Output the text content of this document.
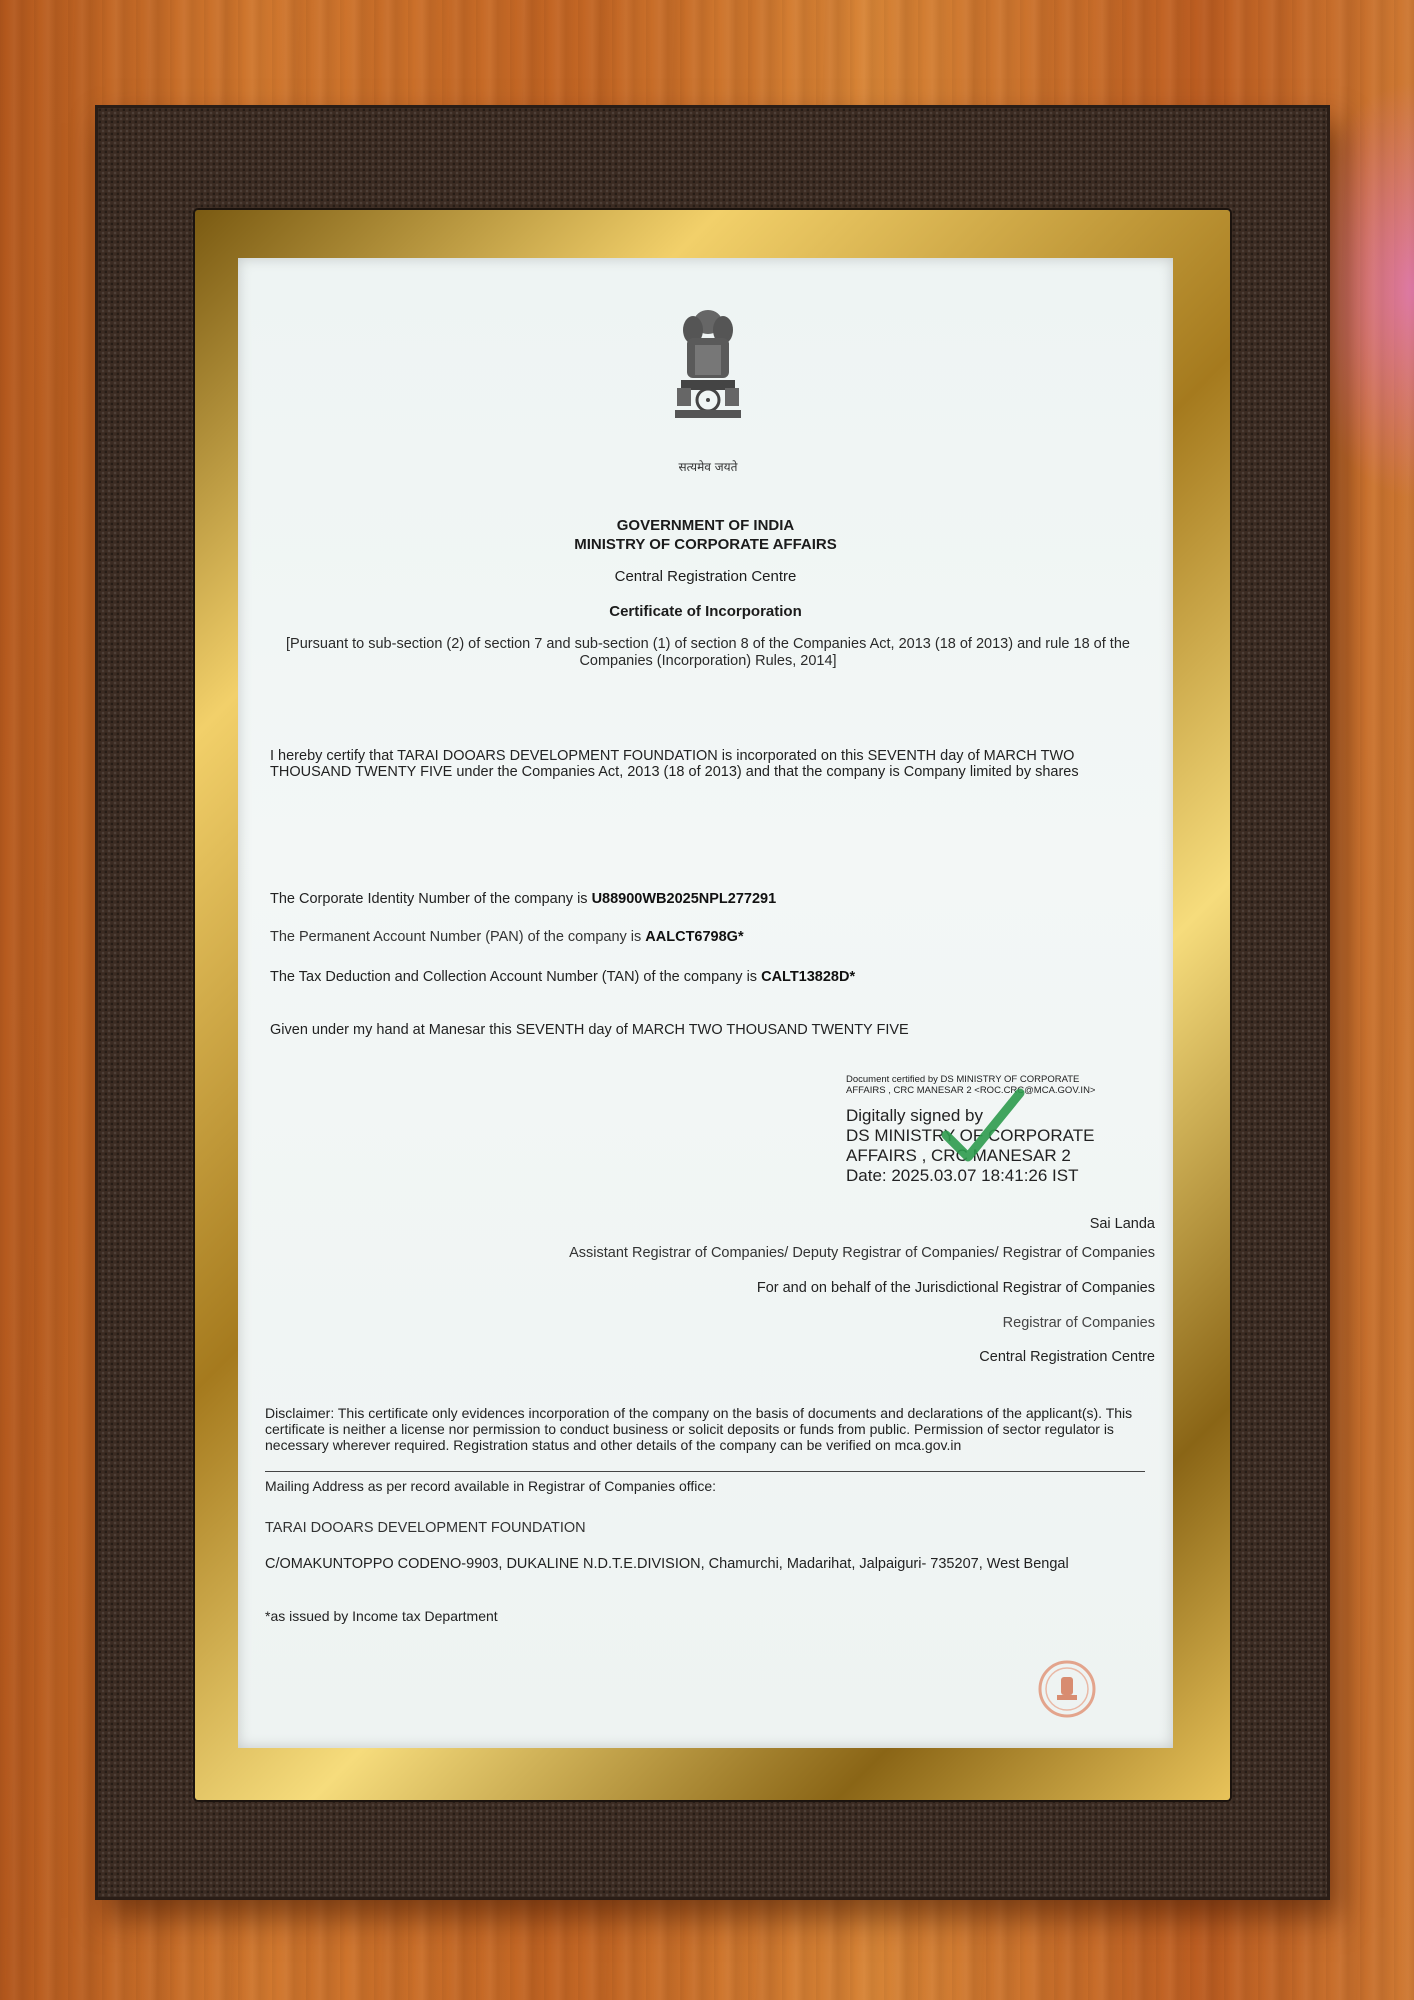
सत्यमेव जयते
GOVERNMENT OF INDIA
MINISTRY OF CORPORATE AFFAIRS
Central Registration Centre
Certificate of Incorporation
[Pursuant to sub-section (2) of section 7 and sub-section (1) of section 8 of the Companies Act, 2013 (18 of 2013) and rule 18 of the Companies (Incorporation) Rules, 2014]
I hereby certify that TARAI DOOARS DEVELOPMENT FOUNDATION is incorporated on this SEVENTH day of MARCH TWO THOUSAND TWENTY FIVE under the Companies Act, 2013 (18 of 2013) and that the company is Company limited by shares
The Corporate Identity Number of the company is U88900WB2025NPL277291
The Permanent Account Number (PAN) of the company is AALCT6798G*
The Tax Deduction and Collection Account Number (TAN) of the company is CALT13828D*
Given under my hand at Manesar this SEVENTH day of MARCH TWO THOUSAND TWENTY FIVE
Document certified by DS MINISTRY OF CORPORATE
AFFAIRS , CRC MANESAR 2 <ROC.CRC@MCA.GOV.IN>
Digitally signed by
DS MINISTRY OF CORPORATE
AFFAIRS , CRC MANESAR 2
Date: 2025.03.07 18:41:26 IST
Sai Landa
Assistant Registrar of Companies/ Deputy Registrar of Companies/ Registrar of Companies
For and on behalf of the Jurisdictional Registrar of Companies
Registrar of Companies
Central Registration Centre
Disclaimer: This certificate only evidences incorporation of the company on the basis of documents and declarations of the applicant(s). This certificate is neither a license nor permission to conduct business or solicit deposits or funds from public. Permission of sector regulator is necessary wherever required. Registration status and other details of the company can be verified on mca.gov.in
Mailing Address as per record available in Registrar of Companies office:
TARAI DOOARS DEVELOPMENT FOUNDATION
C/OMAKUNTOPPO CODENO-9903, DUKALINE N.D.T.E.DIVISION, Chamurchi, Madarihat, Jalpaiguri- 735207, West Bengal
*as issued by Income tax Department
